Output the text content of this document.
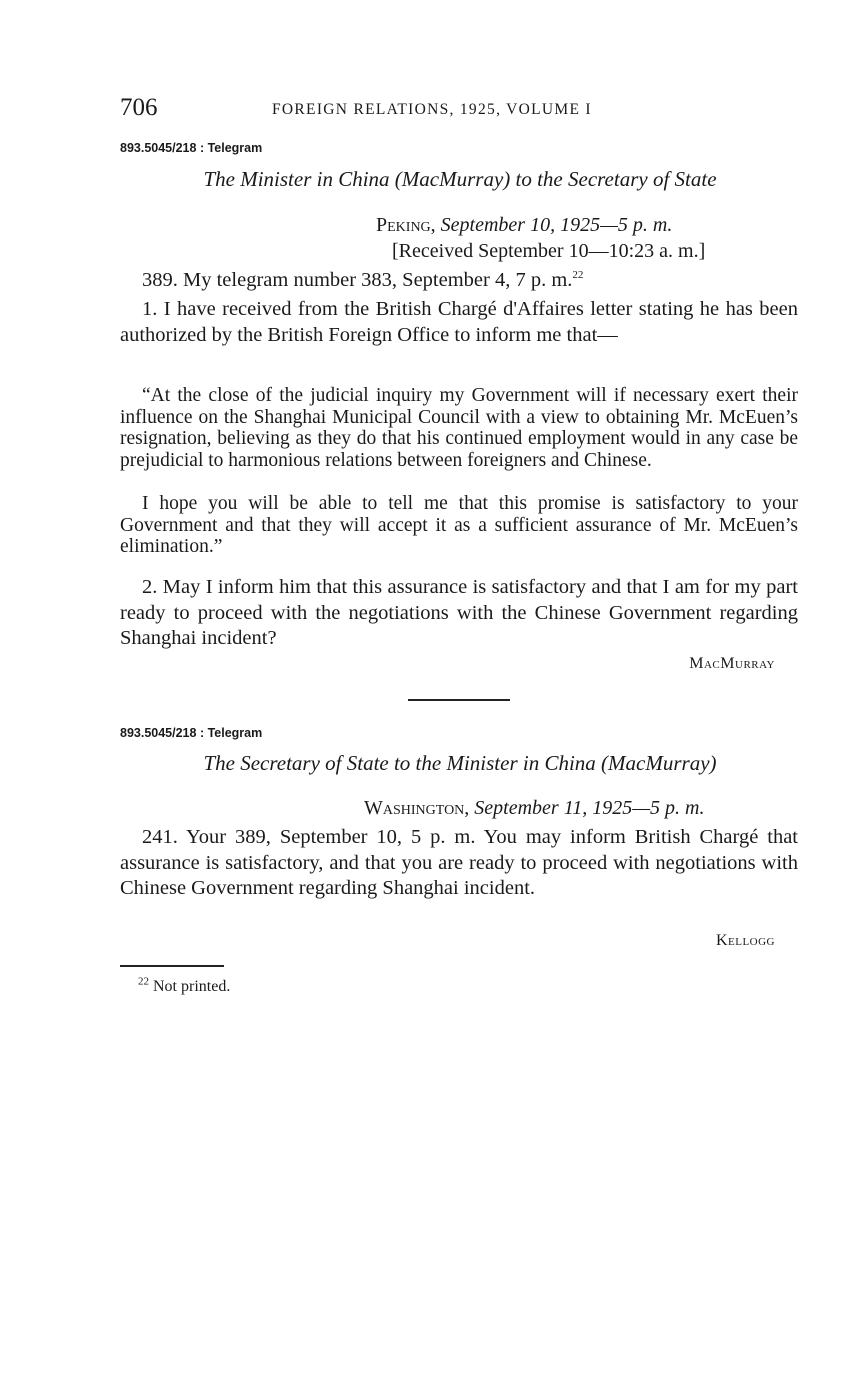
706	FOREIGN RELATIONS, 1925, VOLUME I
893.5045/218 : Telegram
The Minister in China (MacMurray) to the Secretary of State
Peking, September 10, 1925—5 p. m.
[Received September 10—10:23 a. m.]

389. My telegram number 383, September 4, 7 p. m.$^{22}$

1. I have received from the British Chargé d'Affaires letter stating he has been authorized by the British Foreign Office to inform me that—

“At the close of the judicial inquiry my Government will if necessary exert their influence on the Shanghai Municipal Council with a view to obtaining Mr. McEuen’s resignation, believing as they do that his continued employment would in any case be prejudicial to harmonious relations between foreigners and Chinese.

I hope you will be able to tell me that this promise is satisfactory to your Government and that they will accept it as a sufficient assurance of Mr. McEuen’s elimination.”

2. May I inform him that this assurance is satisfactory and that I am for my part ready to proceed with the negotiations with the Chinese Government regarding Shanghai incident?

MacMurray
893.5045/218 : Telegram
The Secretary of State to the Minister in China (MacMurray)
Washington, September 11, 1925—5 p. m.

241. Your 389, September 10, 5 p. m. You may inform British Chargé that assurance is satisfactory, and that you are ready to proceed with negotiations with Chinese Government regarding Shanghai incident.

Kellogg
$^{22}$ Not printed.
